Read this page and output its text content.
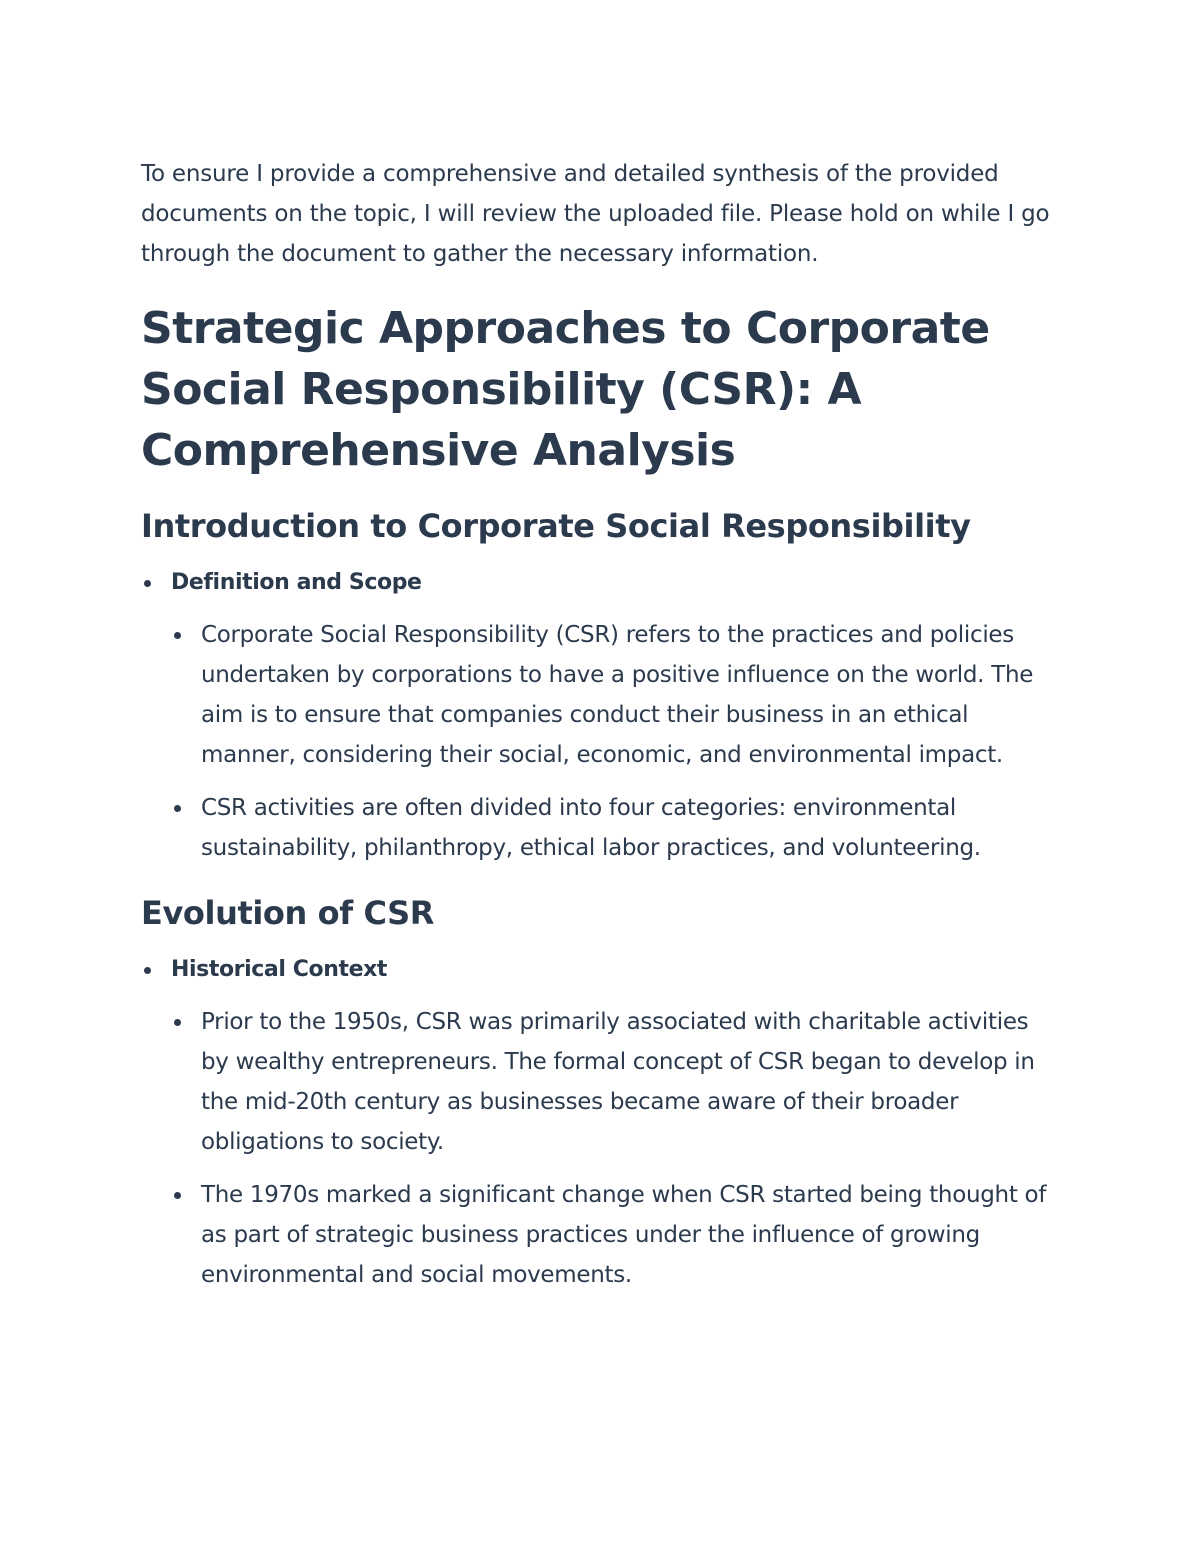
To ensure I provide a comprehensive and detailed synthesis of the provided documents on the topic, I will review the uploaded file. Please hold on while I go through the document to gather the necessary information.

Strategic Approaches to Corporate Social Responsibility (CSR): A Comprehensive Analysis
Introduction to Corporate Social Responsibility
Definition and Scope
Corporate Social Responsibility (CSR) refers to the practices and policies undertaken by corporations to have a positive influence on the world. The aim is to ensure that companies conduct their business in an ethical manner, considering their social, economic, and environmental impact.
CSR activities are often divided into four categories: environmental sustainability, philanthropy, ethical labor practices, and volunteering.
Evolution of CSR
Historical Context
Prior to the 1950s, CSR was primarily associated with charitable activities by wealthy entrepreneurs. The formal concept of CSR began to develop in the mid-20th century as businesses became aware of their broader obligations to society.
The 1970s marked a significant change when CSR started being thought of as part of strategic business practices under the influence of growing environmental and social movements.
